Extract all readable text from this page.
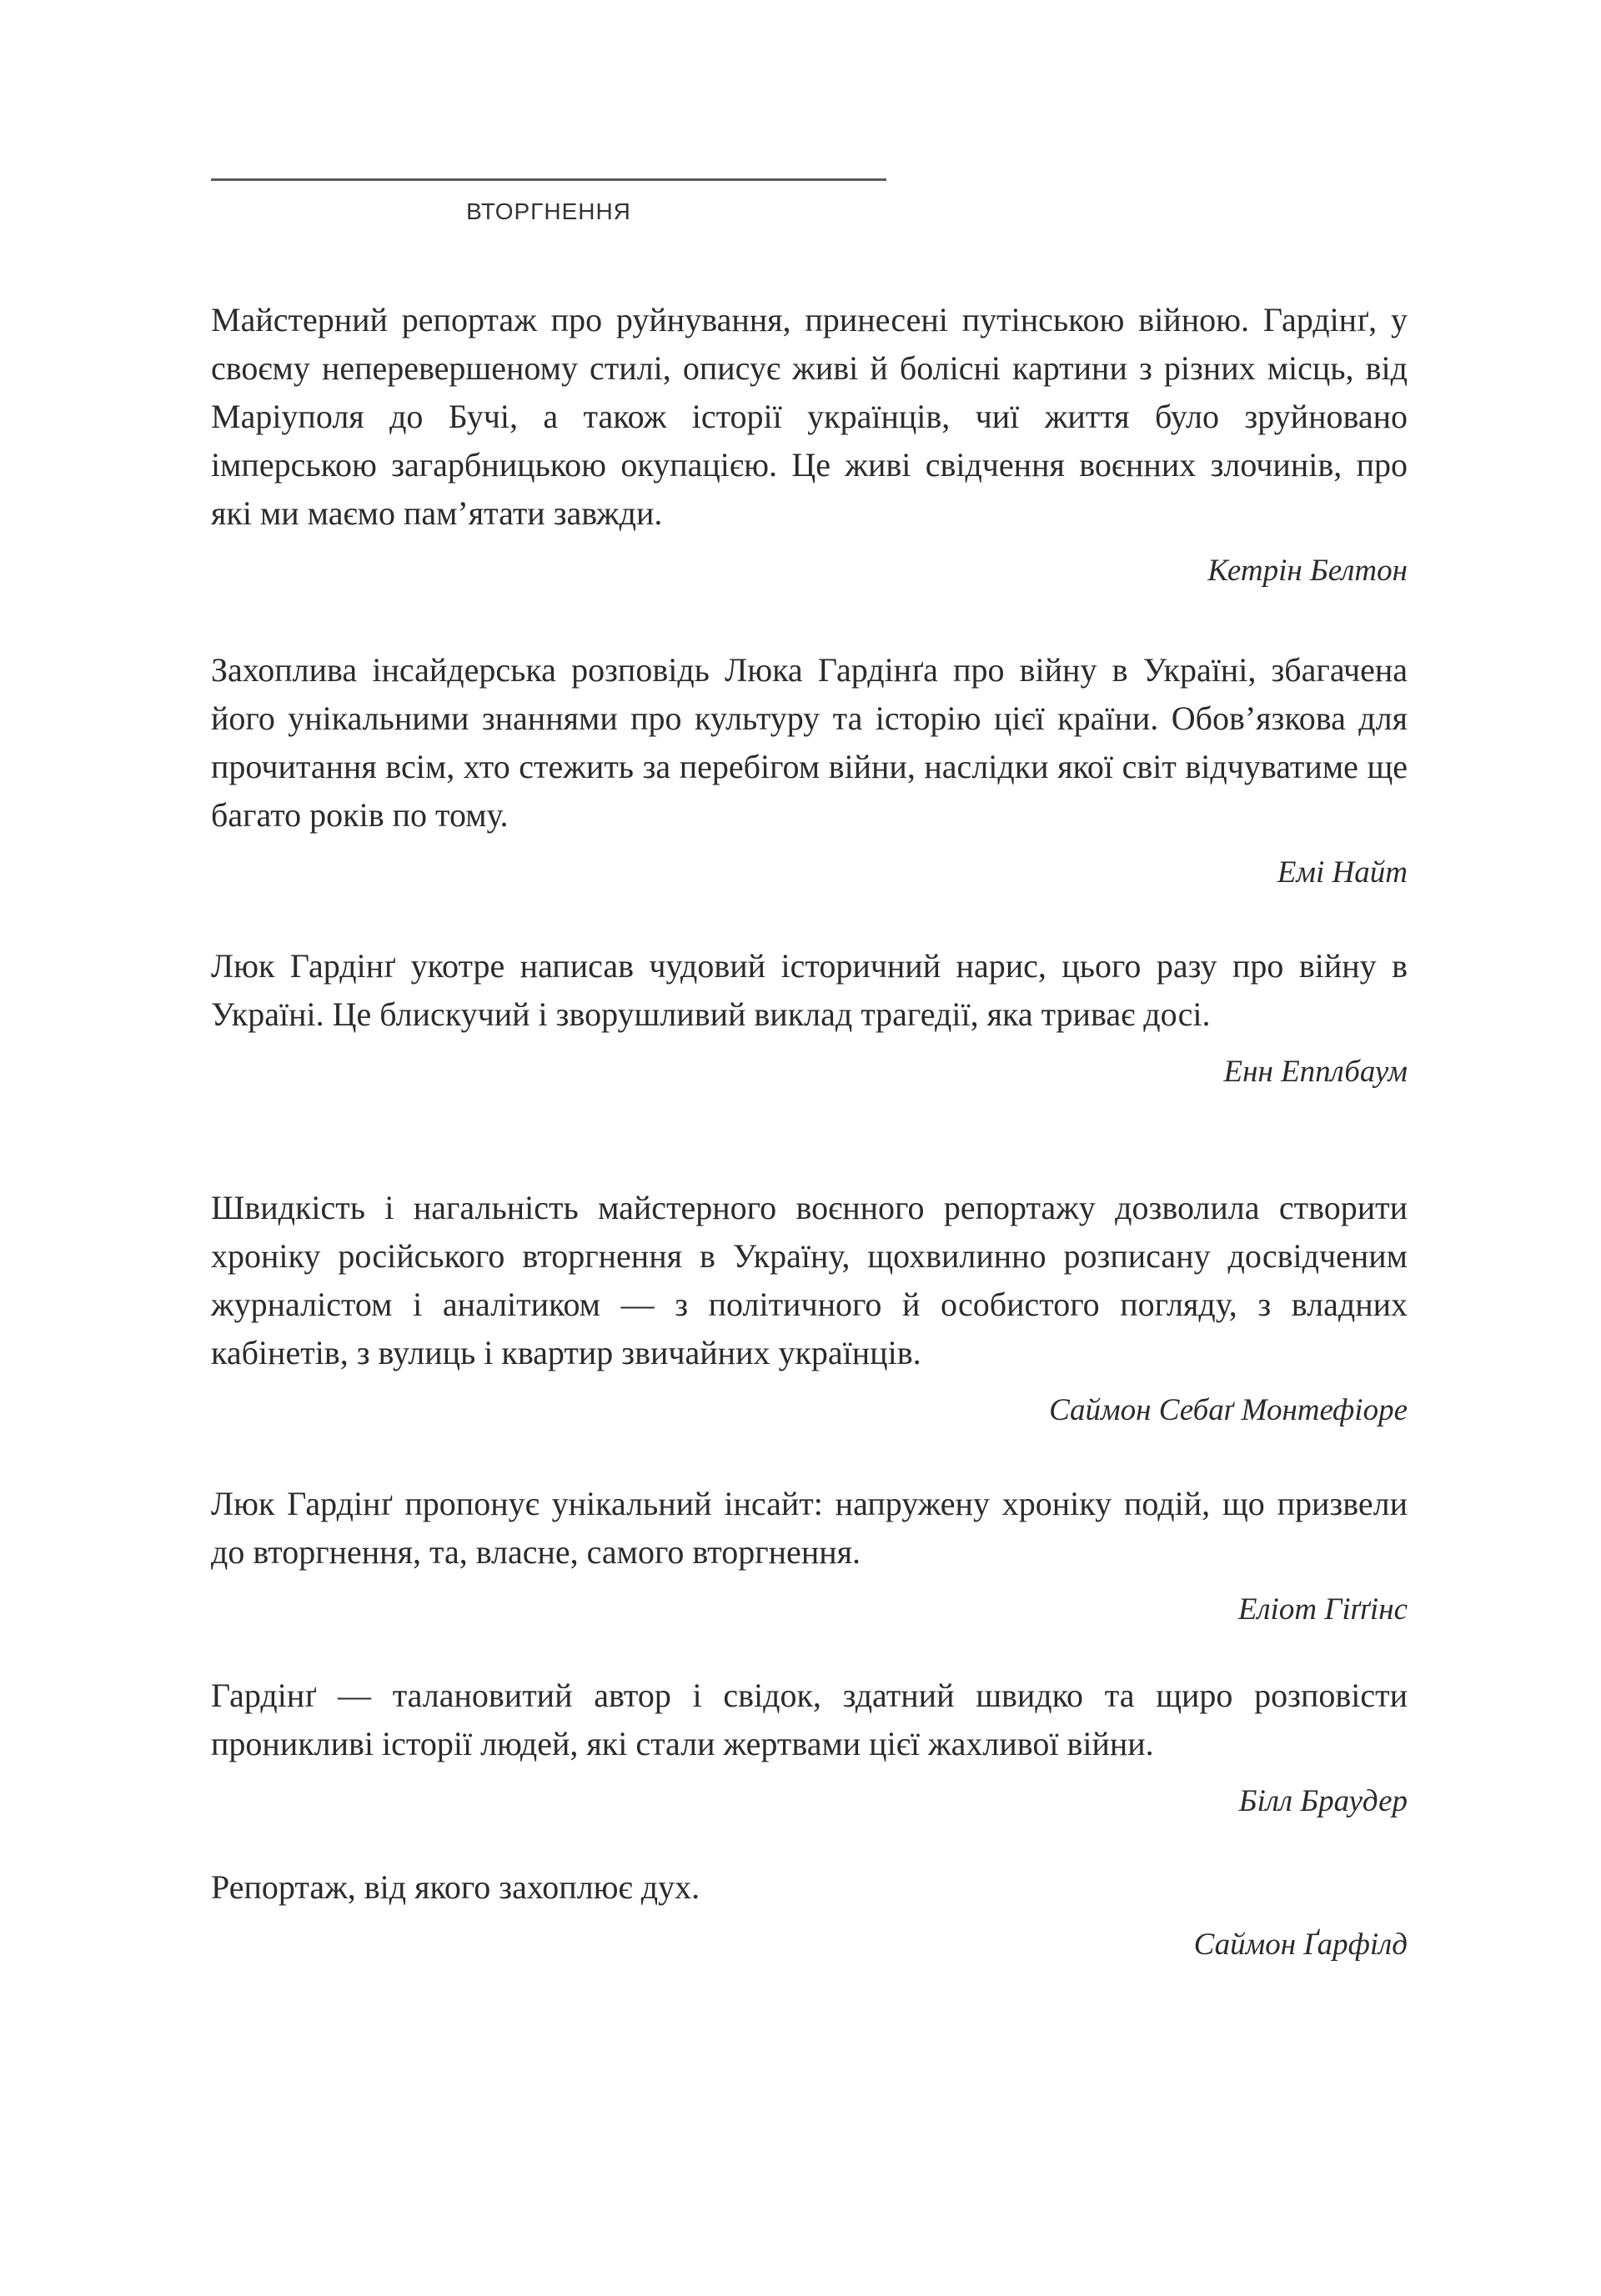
ВТОРГНЕННЯ

Майстерний репортаж про руйнування, принесені путінською війною. Гардінґ, у своєму неперевершеному стилі, описує живі й болісні картини з різних місць, від Маріуполя до Бучі, а також історії українців, чиї життя було зруйновано імперською загарбницькою окупацією. Це живі свідчення воєнних злочинів, про які ми маємо пам’ятати завжди.

Кетрін Белтон

Захоплива інсайдерська розповідь Люка Гардінґа про війну в Україні, збагачена його унікальними знаннями про культуру та історію цієї країни. Обов’язкова для прочитання всім, хто стежить за перебігом війни, наслідки якої світ відчуватиме ще багато років по тому.

Емі Найт

Люк Гардінґ укотре написав чудовий історичний нарис, цього разу про війну в Україні. Це блискучий і зворушливий виклад трагедії, яка триває досі.

Енн Епплбаум

Швидкість і нагальність майстерного воєнного репортажу дозволила створити хроніку російського вторгнення в Україну, щохвилинно розписану досвідченим журналістом і аналітиком — з політичного й особистого погляду, з владних кабінетів, з вулиць і квартир звичайних українців.

Саймон Себаґ Монтефіоре

Люк Гардінґ пропонує унікальний інсайт: напружену хроніку подій, що призвели до вторгнення, та, власне, самого вторгнення.

Еліот Гіґґінс

Гардінґ — талановитий автор і свідок, здатний швидко та щиро розповісти проникливі історії людей, які стали жертвами цієї жахливої війни.

Білл Браудер

Репортаж, від якого захоплює дух.

Саймон Ґарфілд
